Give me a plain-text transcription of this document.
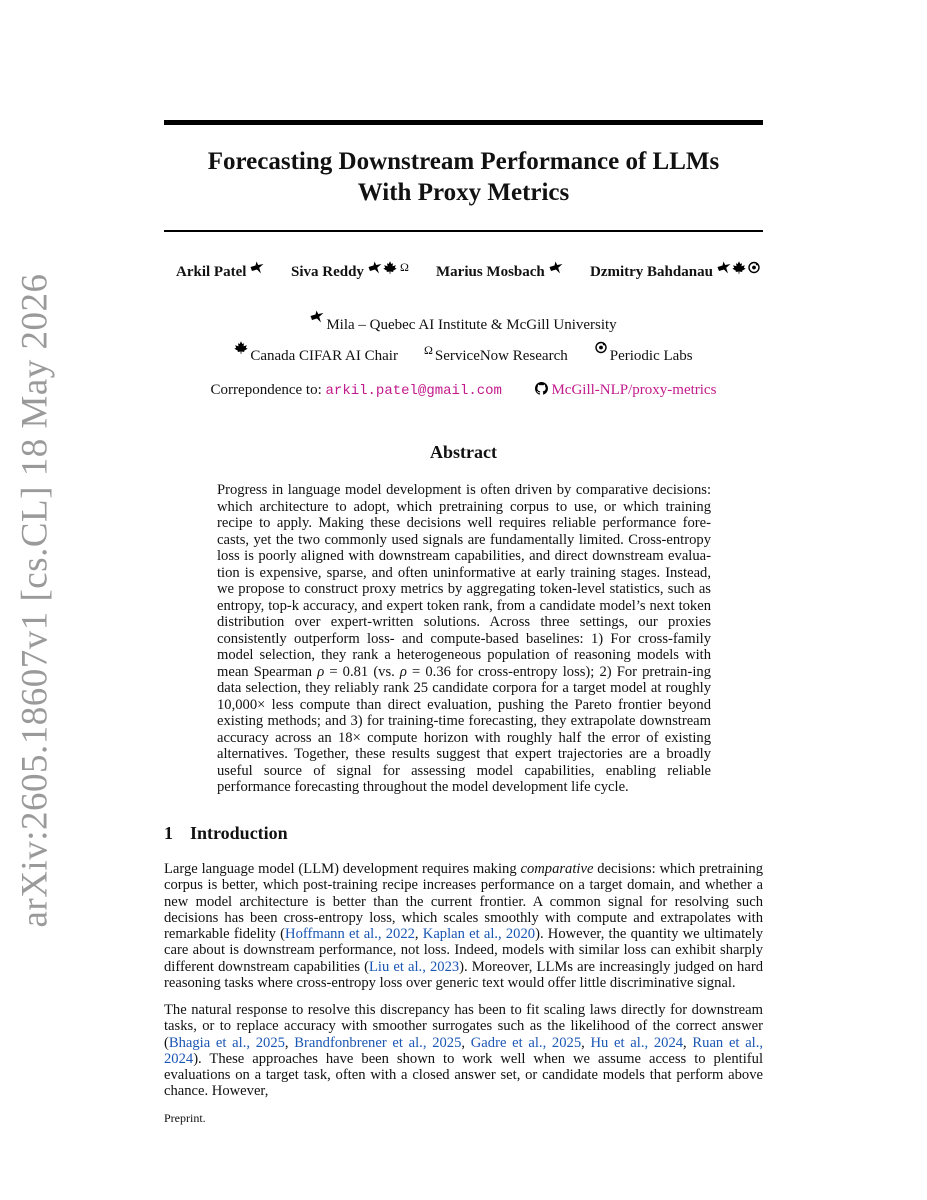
arXiv:2605.18607v1 [cs.CL] 18 May 2026
Forecasting Downstream Performance of LLMs
With Proxy Metrics
Arkil Patel	Siva Reddy	Ω Marius Mosbach	Dzmitry Bahdanau
Mila – Quebec AI Institute & McGill University
Canada CIFAR AI Chair Ω ServiceNow Research	Periodic Labs
Correpondence to: arkil.patel@gmail.com	McGill-NLP/proxy-metrics
Abstract

Progress in language model development is often driven by comparative decisions: which architecture to adopt, which pretraining corpus to use, or which training recipe to apply. Making these decisions well requires reliable performance fore-casts, yet the two commonly used signals are fundamentally limited. Cross-entropy loss is poorly aligned with downstream capabilities, and direct downstream evalua-tion is expensive, sparse, and often uninformative at early training stages. Instead, we propose to construct proxy metrics by aggregating token-level statistics, such as entropy, top-k accuracy, and expert token rank, from a candidate model’s next token distribution over expert-written solutions. Across three settings, our proxies consistently outperform loss- and compute-based baselines: 1) For cross-family model selection, they rank a heterogeneous population of reasoning models with mean Spearman ρ = 0.81 (vs. ρ = 0.36 for cross-entropy loss); 2) For pretrain-ing data selection, they reliably rank 25 candidate corpora for a target model at roughly 10,000× less compute than direct evaluation, pushing the Pareto frontier beyond existing methods; and 3) for training-time forecasting, they extrapolate downstream accuracy across an 18× compute horizon with roughly half the error of existing alternatives. Together, these results suggest that expert trajectories are a broadly useful source of signal for assessing model capabilities, enabling reliable performance forecasting throughout the model development life cycle.

1 Introduction

Large language model (LLM) development requires making comparative decisions: which pretraining corpus is better, which post-training recipe increases performance on a target domain, and whether a new model architecture is better than the current frontier. A common signal for resolving such decisions has been cross-entropy loss, which scales smoothly with compute and extrapolates with remarkable fidelity (Hoffmann et al., 2022, Kaplan et al., 2020). However, the quantity we ultimately care about is downstream performance, not loss. Indeed, models with similar loss can exhibit sharply different downstream capabilities (Liu et al., 2023). Moreover, LLMs are increasingly judged on hard reasoning tasks where cross-entropy loss over generic text would offer little discriminative signal.

The natural response to resolve this discrepancy has been to fit scaling laws directly for downstream tasks, or to replace accuracy with smoother surrogates such as the likelihood of the correct answer (Bhagia et al., 2025, Brandfonbrener et al., 2025, Gadre et al., 2025, Hu et al., 2024, Ruan et al., 2024). These approaches have been shown to work well when we assume access to plentiful evaluations on a target task, often with a closed answer set, or candidate models that perform above chance. However,

Preprint.
